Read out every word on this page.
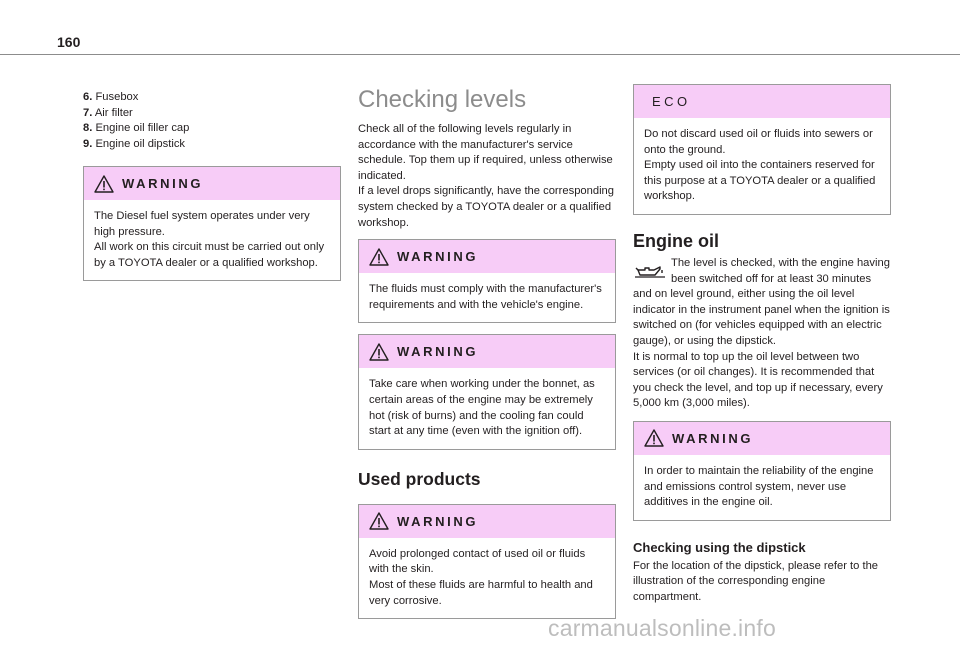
160
6. Fusebox
7. Air filter
8. Engine oil filler cap
9. Engine oil dipstick
WARNING
The Diesel fuel system operates under very high pressure.
All work on this circuit must be carried out only by a TOYOTA dealer or a qualified workshop.
Checking levels
Check all of the following levels regularly in accordance with the manufacturer's service schedule. Top them up if required, unless otherwise indicated.
If a level drops significantly, have the corresponding system checked by a TOYOTA dealer or a qualified workshop.
WARNING
The fluids must comply with the manufacturer's requirements and with the vehicle's engine.
WARNING
Take care when working under the bonnet, as certain areas of the engine may be extremely hot (risk of burns) and the cooling fan could start at any time (even with the ignition off).
Used products
WARNING
Avoid prolonged contact of used oil or fluids with the skin.
Most of these fluids are harmful to health and very corrosive.
ECO
Do not discard used oil or fluids into sewers or onto the ground.
Empty used oil into the containers reserved for this purpose at a TOYOTA dealer or a qualified workshop.
Engine oil
The level is checked, with the engine having been switched off for at least 30 minutes and on level ground, either using the oil level indicator in the instrument panel when the ignition is switched on (for vehicles equipped with an electric gauge), or using the dipstick.
It is normal to top up the oil level between two services (or oil changes). It is recommended that you check the level, and top up if necessary, every 5,000 km (3,000 miles).
WARNING
In order to maintain the reliability of the engine and emissions control system, never use additives in the engine oil.
Checking using the dipstick
For the location of the dipstick, please refer to the illustration of the corresponding engine compartment.
carmanualsonline.info
